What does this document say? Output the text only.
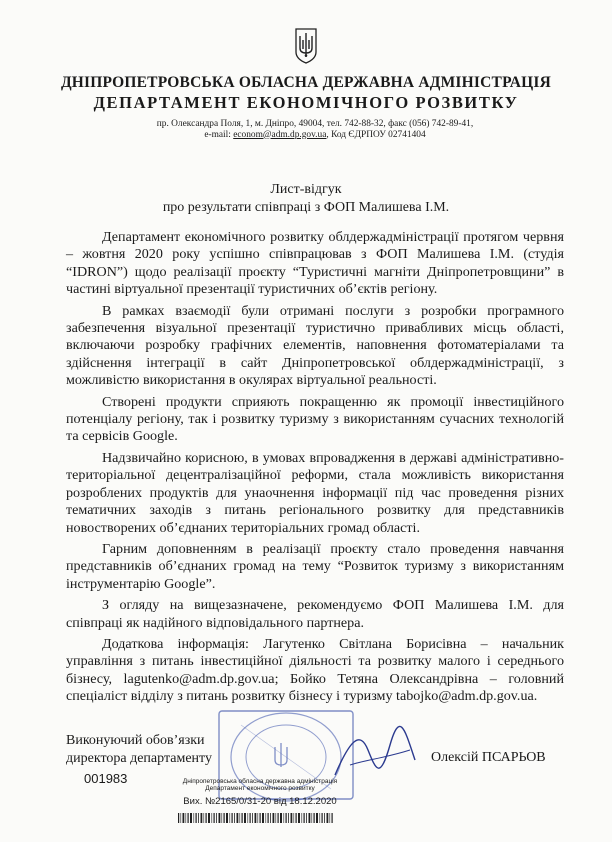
ДНІПРОПЕТРОВСЬКА ОБЛАСНА ДЕРЖАВНА АДМІНІСТРАЦІЯ
ДЕПАРТАМЕНТ ЕКОНОМІЧНОГО РОЗВИТКУ
пр. Олександра Поля, 1, м. Дніпро, 49004, тел. 742-88-32, факс (056) 742-89-41,
e-mail: econom@adm.dp.gov.ua, Код ЄДРПОУ 02741404
Лист-відгук
про результати співпраці з ФОП Малишева І.М.

Департамент економічного розвитку облдержадміністрації протягом червня – жовтня 2020 року успішно співпрацював з ФОП Малишева І.М. (студія “IDRON”) щодо реалізації проєкту “Туристичні магніти Дніпропетровщини” в частині віртуальної презентації туристичних об’єктів регіону.

В рамках взаємодії були отримані послуги з розробки програмного забезпечення візуальної презентації туристично привабливих місць області, включаючи розробку графічних елементів, наповнення фотоматеріалами та здійснення інтеграції в сайт Дніпропетровської облдержадміністрації, з можливістю використання в окулярах віртуальної реальності.

Створені продукти сприяють покращенню як промоції інвестиційного потенціалу регіону, так і розвитку туризму з використанням сучасних технологій та сервісів Google.

Надзвичайно корисною, в умовах впровадження в державі адміністративно-територіальної децентралізаційної реформи, стала можливість використання розроблених продуктів для унаочнення інформації під час проведення різних тематичних заходів з питань регіонального розвитку для представників новостворених об’єднаних територіальних громад області.

Гарним доповненням в реалізації проєкту стало проведення навчання представників об’єднаних громад на тему “Розвиток туризму з використанням інструментарію Google”.

З огляду на вищезазначене, рекомендуємо ФОП Малишева І.М. для співпраці як надійного відповідального партнера.

Додаткова інформація: Лагутенко Світлана Борисівна – начальник управління з питань інвестиційної діяльності та розвитку малого і середнього бізнесу, lagutenko@adm.dp.gov.ua; Бойко Тетяна Олександрівна – головний спеціаліст відділу з питань розвитку бізнесу і туризму tabojko@adm.dp.gov.ua.

Виконуючий обов’язки
директора департаменту	Олексій ПСАРЬОВ
001983	Дніпропетровська обласна державна адміністрація
Департамент економічного розвитку
Вих. №2165/0/31-20 від 18.12.2020
